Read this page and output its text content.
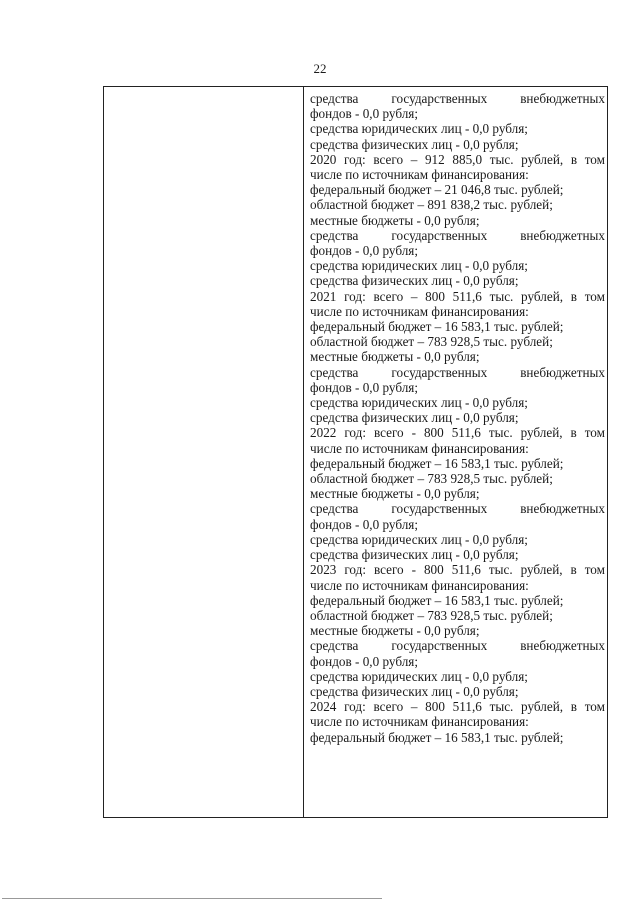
22
средства государственных внебюджетных
фондов - 0,0 рубля;
средства юридических лиц - 0,0 рубля;
средства физических лиц - 0,0 рубля;
2020 год: всего – 912 885,0 тыс. рублей, в том
числе по источникам финансирования:
федеральный бюджет – 21 046,8 тыс. рублей;
областной бюджет – 891 838,2 тыс. рублей;
местные бюджеты - 0,0 рубля;
средства государственных внебюджетных
фондов - 0,0 рубля;
средства юридических лиц - 0,0 рубля;
средства физических лиц - 0,0 рубля;
2021 год: всего – 800 511,6 тыс. рублей, в том
числе по источникам финансирования:
федеральный бюджет – 16 583,1 тыс. рублей;
областной бюджет – 783 928,5 тыс. рублей;
местные бюджеты - 0,0 рубля;
средства государственных внебюджетных
фондов - 0,0 рубля;
средства юридических лиц - 0,0 рубля;
средства физических лиц - 0,0 рубля;
2022 год: всего - 800 511,6 тыс. рублей, в том
числе по источникам финансирования:
федеральный бюджет – 16 583,1 тыс. рублей;
областной бюджет – 783 928,5 тыс. рублей;
местные бюджеты - 0,0 рубля;
средства государственных внебюджетных
фондов - 0,0 рубля;
средства юридических лиц - 0,0 рубля;
средства физических лиц - 0,0 рубля;
2023 год: всего - 800 511,6 тыс. рублей, в том
числе по источникам финансирования:
федеральный бюджет – 16 583,1 тыс. рублей;
областной бюджет – 783 928,5 тыс. рублей;
местные бюджеты - 0,0 рубля;
средства государственных внебюджетных
фондов - 0,0 рубля;
средства юридических лиц - 0,0 рубля;
средства физических лиц - 0,0 рубля;
2024 год: всего – 800 511,6 тыс. рублей, в том
числе по источникам финансирования:
федеральный бюджет – 16 583,1 тыс. рублей;
